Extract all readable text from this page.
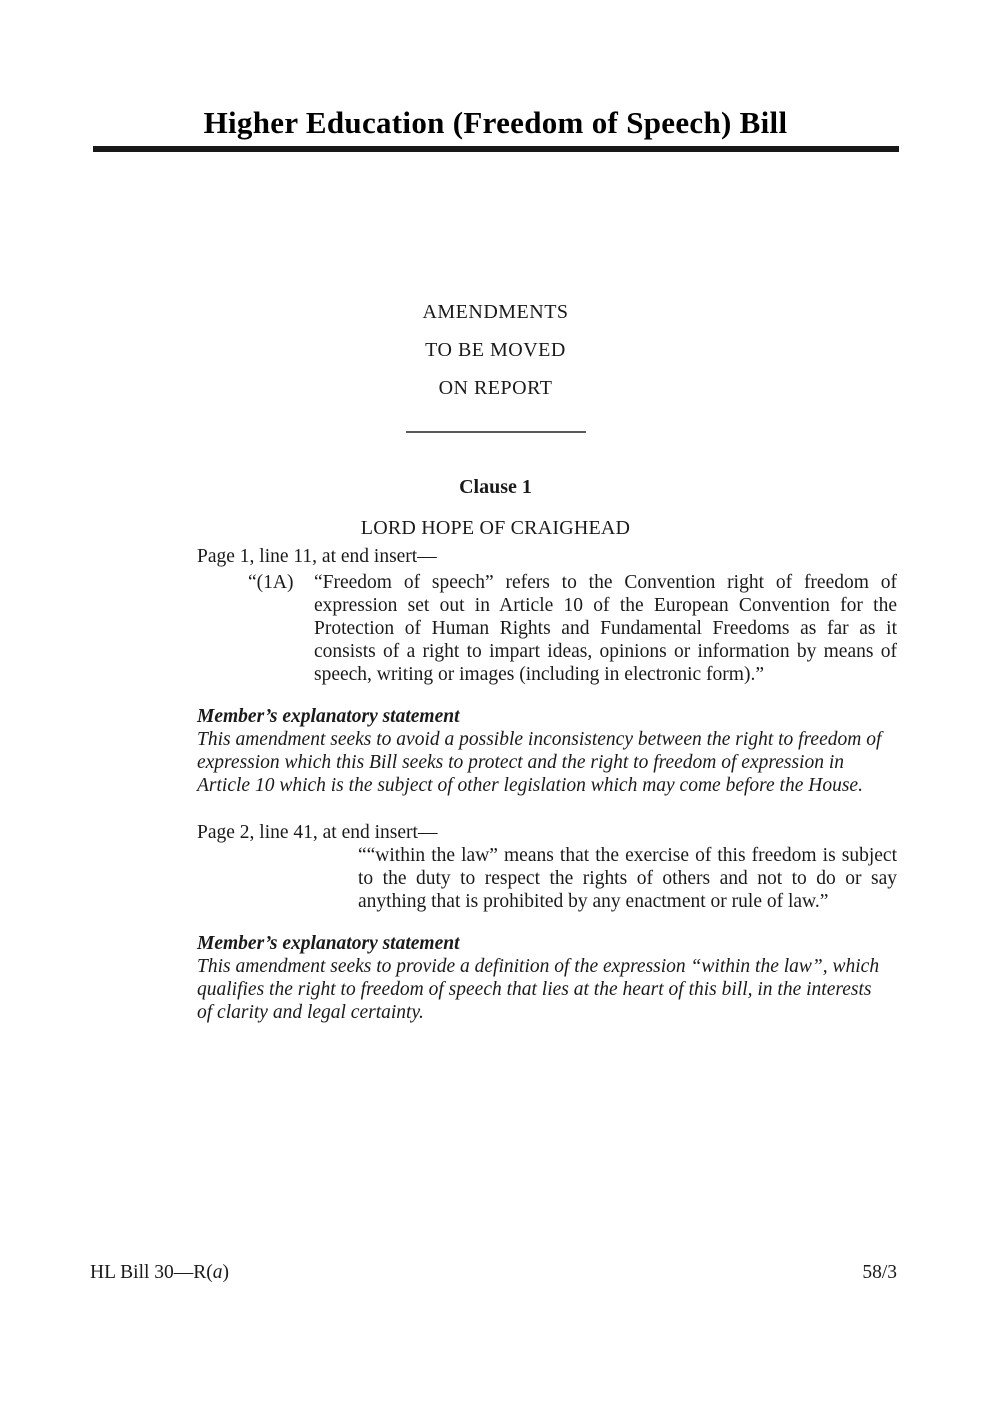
Higher Education (Freedom of Speech) Bill
AMENDMENTS
TO BE MOVED
ON REPORT
Clause 1
LORD HOPE OF CRAIGHEAD

Page 1, line 11, at end insert—

“(1A) “Freedom of speech” refers to the Convention right of freedom of expression set out in Article 10 of the European Convention for the Protection of Human Rights and Fundamental Freedoms as far as it consists of a right to impart ideas, opinions or information by means of speech, writing or images (including in electronic form).”

Member’s explanatory statement

This amendment seeks to avoid a possible inconsistency between the right to freedom of expression which this Bill seeks to protect and the right to freedom of expression in Article 10 which is the subject of other legislation which may come before the House.

Page 2, line 41, at end insert—

““within the law” means that the exercise of this freedom is subject to the duty to respect the rights of others and not to do or say anything that is prohibited by any enactment or rule of law.”

Member’s explanatory statement

This amendment seeks to provide a definition of the expression “within the law”, which qualifies the right to freedom of speech that lies at the heart of this bill, in the interests of clarity and legal certainty.

HL Bill 30—R(a)	58/3
